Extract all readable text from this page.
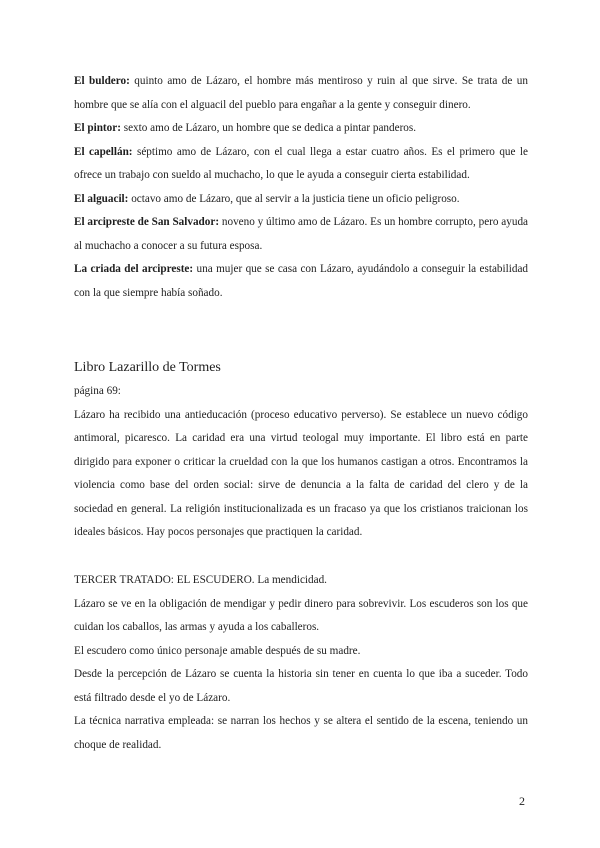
El buldero: quinto amo de Lázaro, el hombre más mentiroso y ruin al que sirve. Se trata de un hombre que se alía con el alguacil del pueblo para engañar a la gente y conseguir dinero.

El pintor: sexto amo de Lázaro, un hombre que se dedica a pintar panderos.

El capellán: séptimo amo de Lázaro, con el cual llega a estar cuatro años. Es el primero que le ofrece un trabajo con sueldo al muchacho, lo que le ayuda a conseguir cierta estabilidad.

El alguacil: octavo amo de Lázaro, que al servir a la justicia tiene un oficio peligroso.

El arcipreste de San Salvador: noveno y último amo de Lázaro. Es un hombre corrupto, pero ayuda al muchacho a conocer a su futura esposa.

La criada del arcipreste: una mujer que se casa con Lázaro, ayudándolo a conseguir la estabilidad con la que siempre había soñado.

Libro Lazarillo de Tormes

página 69:

Lázaro ha recibido una antieducación (proceso educativo perverso). Se establece un nuevo código antimoral, picaresco. La caridad era una virtud teologal muy importante. El libro está en parte dirigido para exponer o criticar la crueldad con la que los humanos castigan a otros. Encontramos la violencia como base del orden social: sirve de denuncia a la falta de caridad del clero y de la sociedad en general. La religión institucionalizada es un fracaso ya que los cristianos traicionan los ideales básicos. Hay pocos personajes que practiquen la caridad.

TERCER TRATADO: EL ESCUDERO. La mendicidad.

Lázaro se ve en la obligación de mendigar y pedir dinero para sobrevivir. Los escuderos son los que cuidan los caballos, las armas y ayuda a los caballeros.

El escudero como único personaje amable después de su madre.

Desde la percepción de Lázaro se cuenta la historia sin tener en cuenta lo que iba a suceder. Todo está filtrado desde el yo de Lázaro.

La técnica narrativa empleada: se narran los hechos y se altera el sentido de la escena, teniendo un choque de realidad.

2
